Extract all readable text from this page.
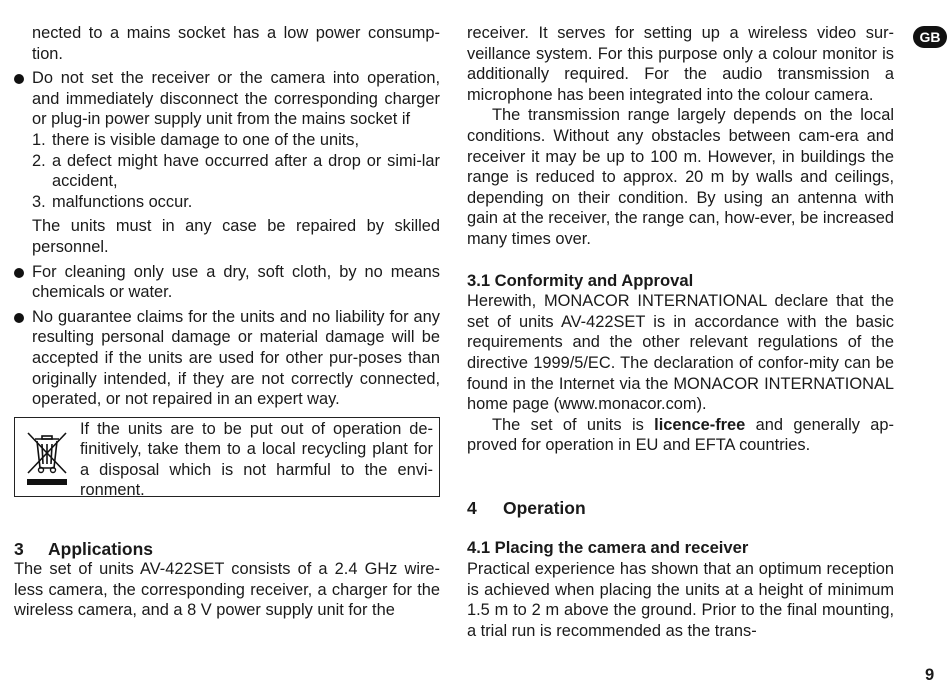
GB

nected to a mains socket has a low power consump-tion.

Do not set the receiver or the camera into operation, and immediately disconnect the corresponding charger or plug-in power supply unit from the mains socket if

1. there is visible damage to one of the units,
2. a defect might have occurred after a drop or simi-lar accident,
3. malfunctions occur.

The units must in any case be repaired by skilled personnel.

For cleaning only use a dry, soft cloth, by no means chemicals or water.

No guarantee claims for the units and no liability for any resulting personal damage or material damage will be accepted if the units are used for other pur-poses than originally intended, if they are not correctly connected, operated, or not repaired in an expert way.

If the units are to be put out of operation de-finitively, take them to a local recycling plant for a disposal which is not harmful to the envi-ronment.

3 Applications

The set of units AV-422SET consists of a 2.4 GHz wire-less camera, the corresponding receiver, a charger for the wireless camera, and a 8 V power supply unit for the

receiver. It serves for setting up a wireless video sur-veillance system. For this purpose only a colour monitor is additionally required. For the audio transmission a microphone has been integrated into the colour camera.

The transmission range largely depends on the local conditions. Without any obstacles between cam-era and receiver it may be up to 100 m. However, in buildings the range is reduced to approx. 20 m by walls and ceilings, depending on their condition. By using an antenna with gain at the receiver, the range can, how-ever, be increased many times over.

3.1 Conformity and Approval

Herewith, MONACOR INTERNATIONAL declare that the set of units AV-422SET is in accordance with the basic requirements and the other relevant regulations of the directive 1999/5/EC. The declaration of confor-mity can be found in the Internet via the MONACOR INTERNATIONAL home page (www.monacor.com).

The set of units is licence-free and generally ap-proved for operation in EU and EFTA countries.

4 Operation

4.1 Placing the camera and receiver

Practical experience has shown that an optimum reception is achieved when placing the units at a height of minimum 1.5 m to 2 m above the ground. Prior to the final mounting, a trial run is recommended as the trans-

9
